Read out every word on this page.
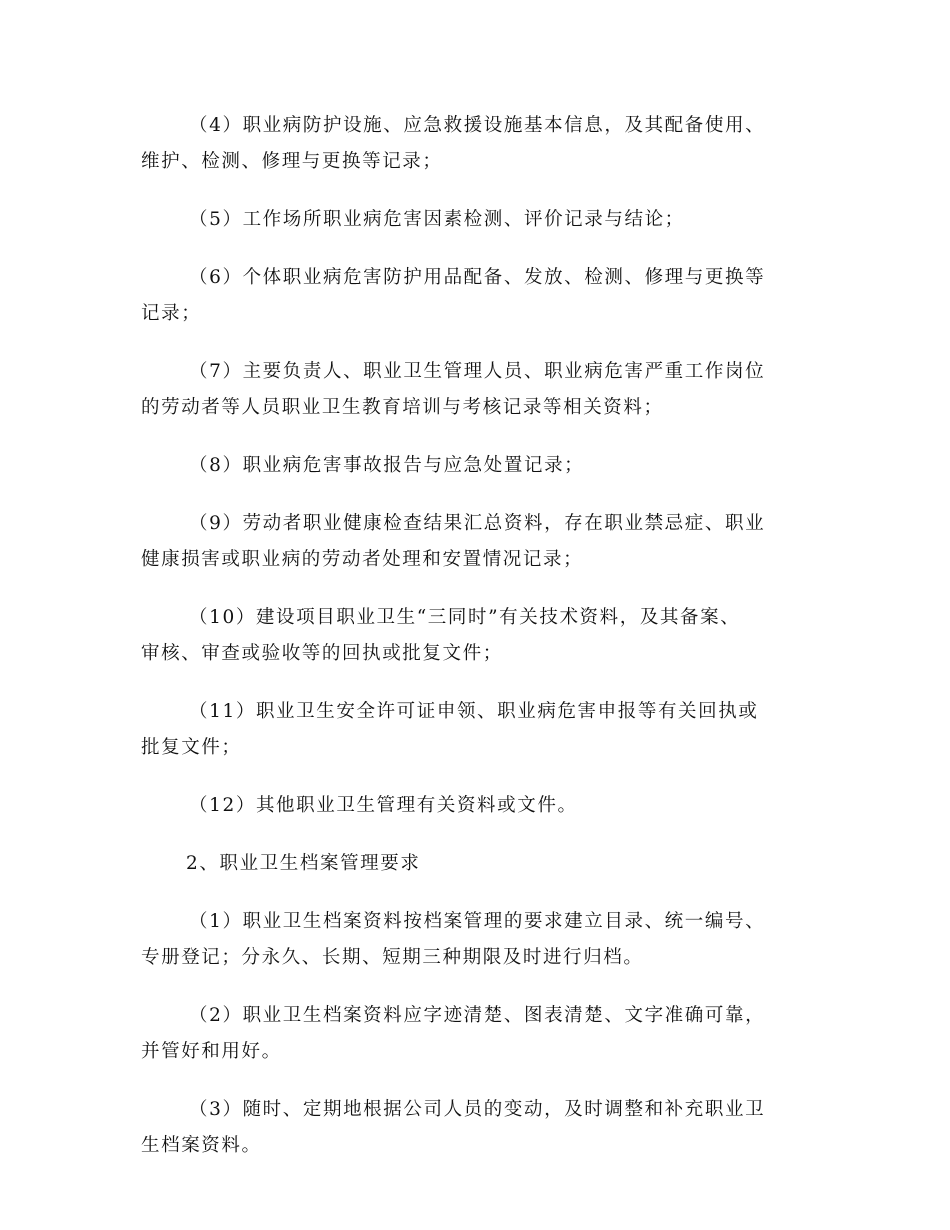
（4）职业病防护设施、应急救援设施基本信息，及其配备使用、
维护、检测、修理与更换等记录；

（5）工作场所职业病危害因素检测、评价记录与结论；

（6）个体职业病危害防护用品配备、发放、检测、修理与更换等
记录；

（7）主要负责人、职业卫生管理人员、职业病危害严重工作岗位
的劳动者等人员职业卫生教育培训与考核记录等相关资料；

（8）职业病危害事故报告与应急处置记录；

（9）劳动者职业健康检查结果汇总资料，存在职业禁忌症、职业
健康损害或职业病的劳动者处理和安置情况记录；

（10）建设项目职业卫生“三同时”有关技术资料，及其备案、
审核、审查或验收等的回执或批复文件；

（11）职业卫生安全许可证申领、职业病危害申报等有关回执或
批复文件；

（12）其他职业卫生管理有关资料或文件。

2、职业卫生档案管理要求

（1）职业卫生档案资料按档案管理的要求建立目录、统一编号、
专册登记；分永久、长期、短期三种期限及时进行归档。

（2）职业卫生档案资料应字迹清楚、图表清楚、文字准确可靠，
并管好和用好。

（3）随时、定期地根据公司人员的变动，及时调整和补充职业卫
生档案资料。
